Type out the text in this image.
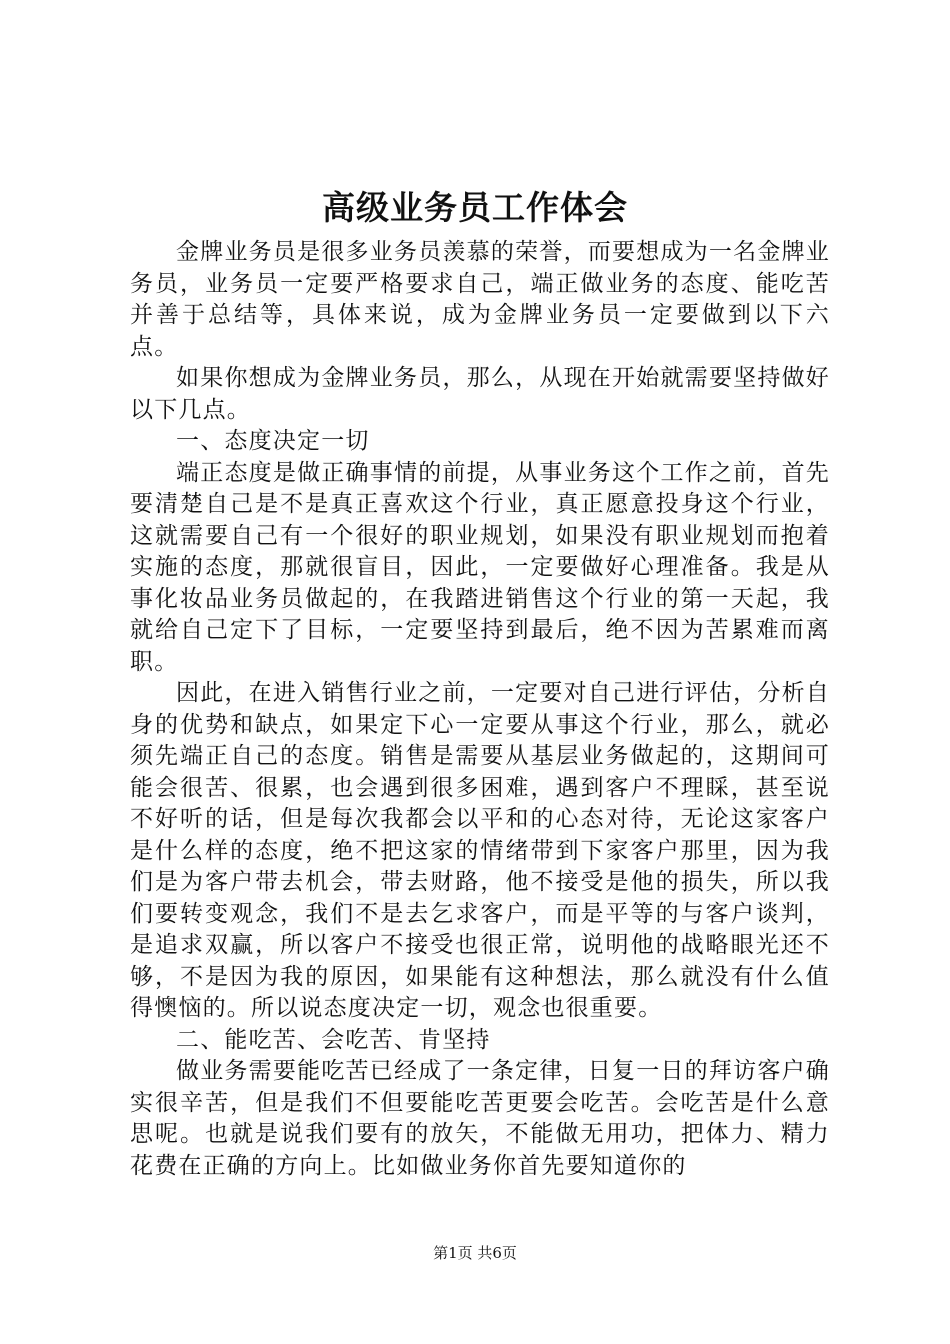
高级业务员工作体会

金牌业务员是很多业务员羡慕的荣誉，而要想成为一名金牌业务员，业务员一定要严格要求自己，端正做业务的态度、能吃苦并善于总结等，具体来说，成为金牌业务员一定要做到以下六点。

如果你想成为金牌业务员，那么，从现在开始就需要坚持做好以下几点。

一、态度决定一切

端正态度是做正确事情的前提，从事业务这个工作之前，首先要清楚自己是不是真正喜欢这个行业，真正愿意投身这个行业，这就需要自己有一个很好的职业规划，如果没有职业规划而抱着实施的态度，那就很盲目，因此，一定要做好心理准备。我是从事化妆品业务员做起的，在我踏进销售这个行业的第一天起，我就给自己定下了目标，一定要坚持到最后，绝不因为苦累难而离职。

因此，在进入销售行业之前，一定要对自己进行评估，分析自身的优势和缺点，如果定下心一定要从事这个行业，那么，就必须先端正自己的态度。销售是需要从基层业务做起的，这期间可能会很苦、很累，也会遇到很多困难，遇到客户不理睬，甚至说不好听的话，但是每次我都会以平和的心态对待，无论这家客户是什么样的态度，绝不把这家的情绪带到下家客户那里，因为我们是为客户带去机会，带去财路，他不接受是他的损失，所以我们要转变观念，我们不是去乞求客户，而是平等的与客户谈判，是追求双赢，所以客户不接受也很正常，说明他的战略眼光还不够，不是因为我的原因，如果能有这种想法，那么就没有什么值得懊恼的。所以说态度决定一切，观念也很重要。

二、能吃苦、会吃苦、肯坚持

做业务需要能吃苦已经成了一条定律，日复一日的拜访客户确实很辛苦，但是我们不但要能吃苦更要会吃苦。会吃苦是什么意思呢。也就是说我们要有的放矢，不能做无用功，把体力、精力花费在正确的方向上。比如做业务你首先要知道你的

第1页 共6页
